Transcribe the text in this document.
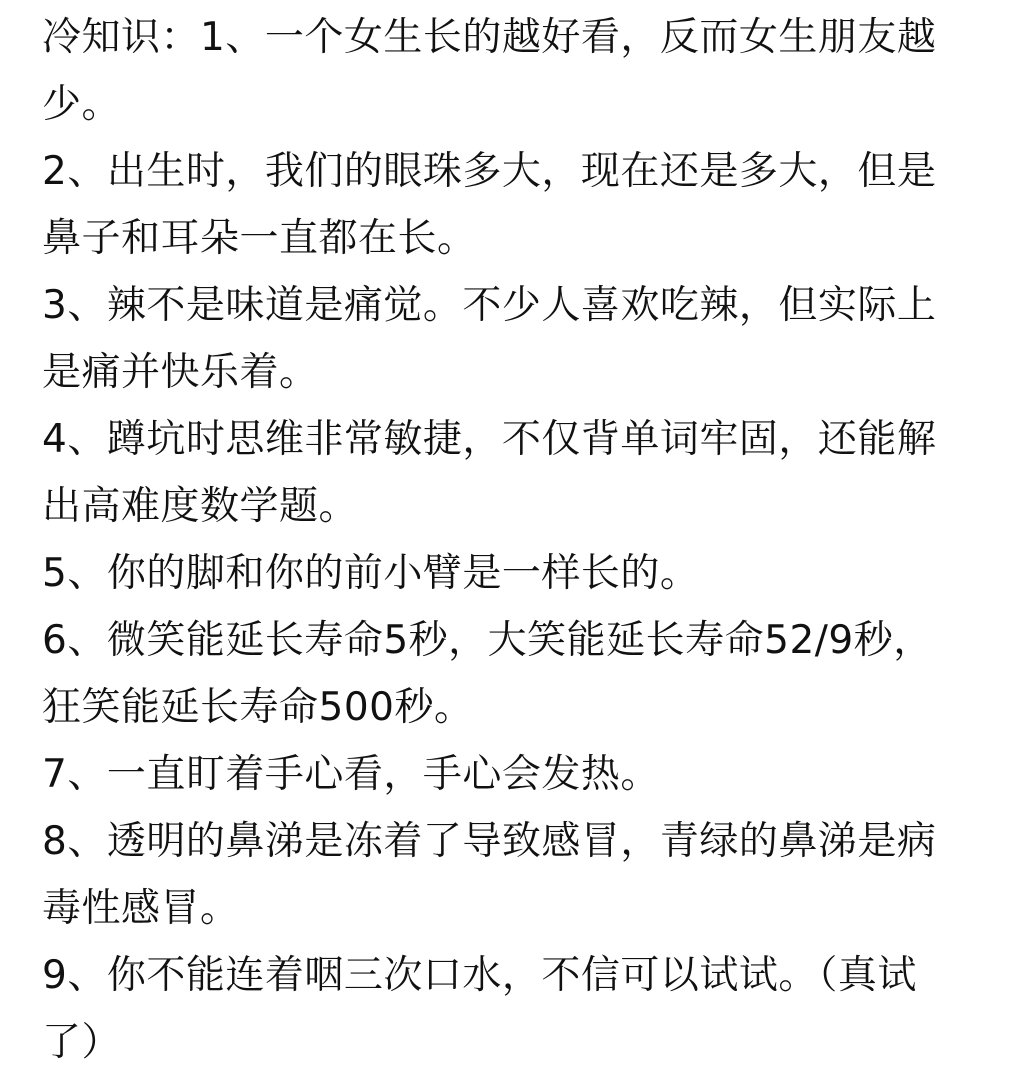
冷知识：1、一个女生长的越好看，反而女生朋友越少。

2、出生时，我们的眼珠多大，现在还是多大，但是鼻子和耳朵一直都在长。

3、辣不是味道是痛觉。不少人喜欢吃辣，但实际上是痛并快乐着。

4、蹲坑时思维非常敏捷，不仅背单词牢固，还能解出高难度数学题。

5、你的脚和你的前小臂是一样长的。

6、微笑能延长寿命5秒，大笑能延长寿命52/9秒，狂笑能延长寿命500秒。

7、一直盯着手心看，手心会发热。

8、透明的鼻涕是冻着了导致感冒，青绿的鼻涕是病毒性感冒。

9、你不能连着咽三次口水，不信可以试试。（真试了）
